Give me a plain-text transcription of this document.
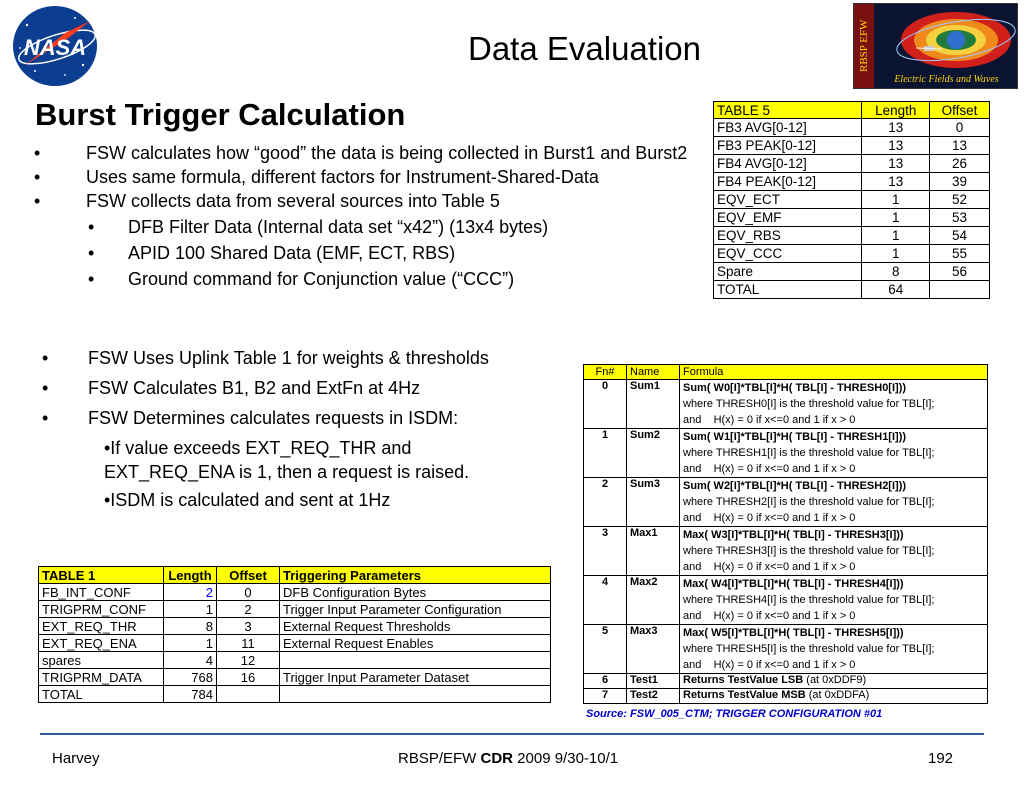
NASA	RBSP EFW
Electric Fields and Waves
Data Evaluation
Burst Trigger Calculation
•	FSW calculates how “good” the data is being collected in Burst1 and Burst2
•	Uses same formula, different factors for Instrument-Shared-Data
•	FSW collects data from several sources into Table 5
• DFB Filter Data (Internal data set “x42”) (13x4 bytes)
• APID 100 Shared Data (EMF, ECT, RBS)
• Ground command for Conjunction value (“CCC”)
• FSW Uses Uplink Table 1 for weights & thresholds
• FSW Calculates B1, B2 and ExtFn at 4Hz
• FSW Determines calculates requests in ISDM:
•If value exceeds EXT_REQ_THR and EXT_REQ_ENA is 1, then a request is raised.
•ISDM is calculated and sent at 1Hz
TABLE 5	Length	Offset
FB3 AVG[0-12]	13	0
FB3 PEAK[0-12]	13	13
FB4 AVG[0-12]	13	26
FB4 PEAK[0-12]	13	39
EQV_ECT	1	52
EQV_EMF	1	53
EQV_RBS	1	54
EQV_CCC	1	55
Spare	8	56
TOTAL	64	
Fn#	Name	Formula
0	Sum1	Sum( W0[I]*TBL[I]*H( TBL[I] - THRESH0[I]))
where THRESH0[I] is the threshold value for TBL[I];
and    H(x) = 0 if x<=0 and 1 if x > 0

1	Sum2	Sum( W1[I]*TBL[I]*H( TBL[I] - THRESH1[I]))
where THRESH1[I] is the threshold value for TBL[I];
and    H(x) = 0 if x<=0 and 1 if x > 0

2	Sum3	Sum( W2[I]*TBL[I]*H( TBL[I] - THRESH2[I]))
where THRESH2[I] is the threshold value for TBL[I];
and    H(x) = 0 if x<=0 and 1 if x > 0

3	Max1	Max( W3[I]*TBL[I]*H( TBL[I] - THRESH3[I]))
where THRESH3[I] is the threshold value for TBL[I];
and    H(x) = 0 if x<=0 and 1 if x > 0

4	Max2	Max( W4[I]*TBL[I]*H( TBL[I] - THRESH4[I]))
where THRESH4[I] is the threshold value for TBL[I];
and    H(x) = 0 if x<=0 and 1 if x > 0

5	Max3	Max( W5[I]*TBL[I]*H( TBL[I] - THRESH5[I]))
where THRESH5[I] is the threshold value for TBL[I];
and    H(x) = 0 if x<=0 and 1 if x > 0

6	Test1	Returns TestValue LSB (at 0xDDF9)
7	Test2	Returns TestValue MSB (at 0xDDFA)
Source: FSW_005_CTM; TRIGGER CONFIGURATION #01
TABLE 1	Length	Offset	Triggering Parameters
FB_INT_CONF	2	0	DFB Configuration Bytes
TRIGPRM_CONF	1	2	Trigger Input Parameter Configuration
EXT_REQ_THR	8	3	External Request Thresholds
EXT_REQ_ENA	1	11	External Request Enables
spares	4	12	
TRIGPRM_DATA	768	16	Trigger Input Parameter Dataset
TOTAL	784		
Harvey	RBSP/EFW CDR 2009 9/30-10/1	192
